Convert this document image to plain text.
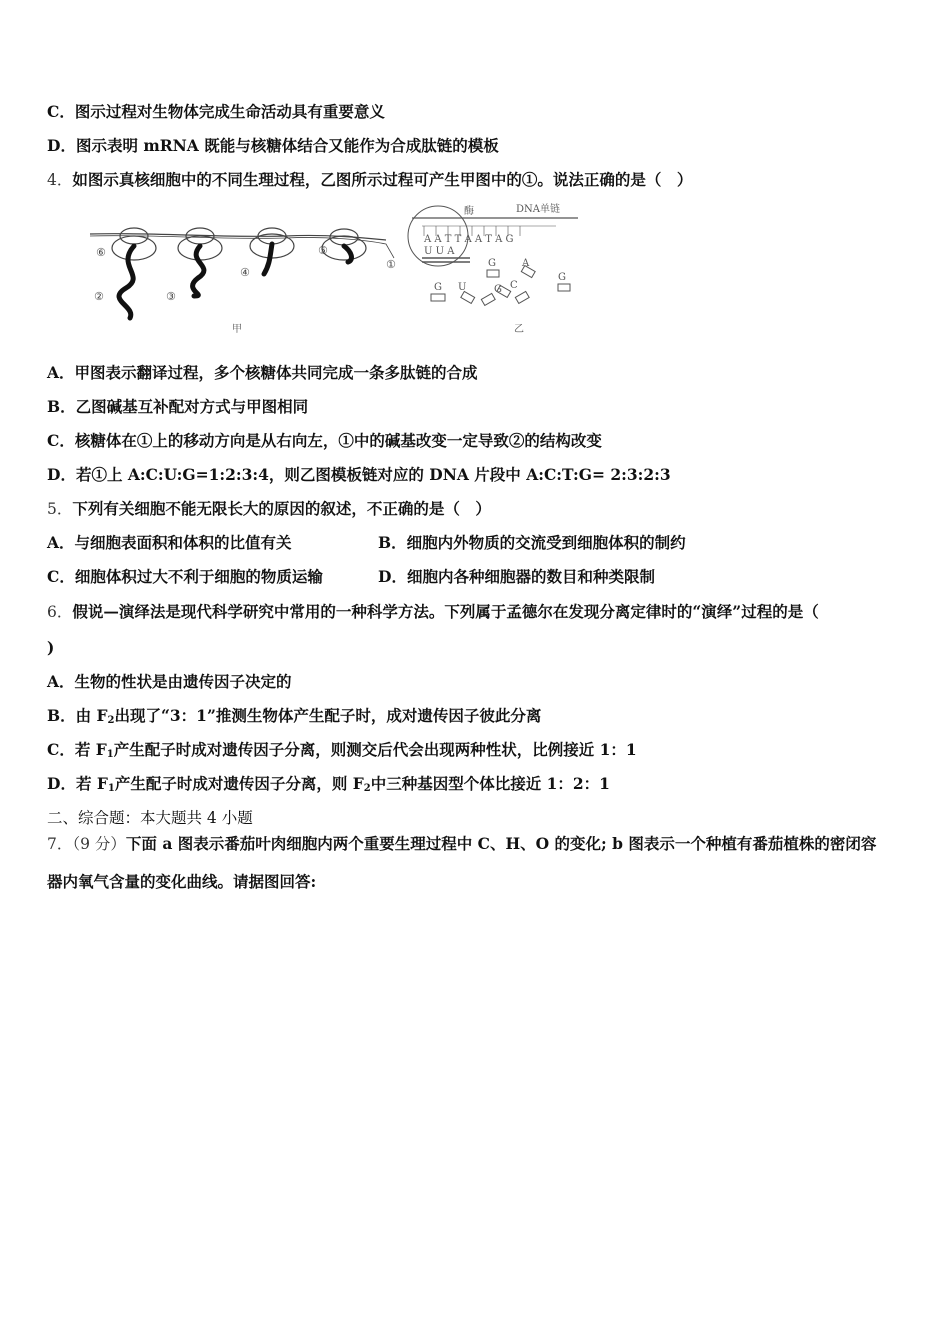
C．图示过程对生物体完成生命活动具有重要意义
D．图示表明 mRNA 既能与核糖体结合又能作为合成肽链的模板
4．如图示真核细胞中的不同生理过程，乙图所示过程可产生甲图中的①。说法正确的是（　）
⑥
②	③
④
⑤
①
甲
酶	DNA单链
A A T T A A T A G
U U A
G	A
G
G U	G C
乙
A．甲图表示翻译过程，多个核糖体共同完成一条多肽链的合成
B．乙图碱基互补配对方式与甲图相同
C．核糖体在①上的移动方向是从右向左，①中的碱基改变一定导致②的结构改变
D．若①上 A:C:U:G=1:2:3:4，则乙图模板链对应的 DNA 片段中 A:C:T:G= 2:3:2:3
5．下列有关细胞不能无限长大的原因的叙述，不正确的是（　）
A．与细胞表面积和体积的比值有关	B．细胞内外物质的交流受到细胞体积的制约
C．细胞体积过大不利于细胞的物质运输	D．细胞内各种细胞器的数目和种类限制
6．假说—演绎法是现代科学研究中常用的一种科学方法。下列属于孟德尔在发现分离定律时的“演绎”过程的是（
)
A．生物的性状是由遗传因子决定的
B．由 $F_2$出现了“3：1”推测生物体产生配子时，成对遗传因子彼此分离
C．若 $F_1$产生配子时成对遗传因子分离，则测交后代会出现两种性状，比例接近 1：1
D．若 $F_1$产生配子时成对遗传因子分离，则 $F_2$中三种基因型个体比接近 1：2：1
二、综合题：本大题共 4 小题
7．（9 分）下面 a 图表示番茄叶肉细胞内两个重要生理过程中 C、H、O 的变化; b 图表示一个种植有番茄植株的密闭容
器内氧气含量的变化曲线。请据图回答:
